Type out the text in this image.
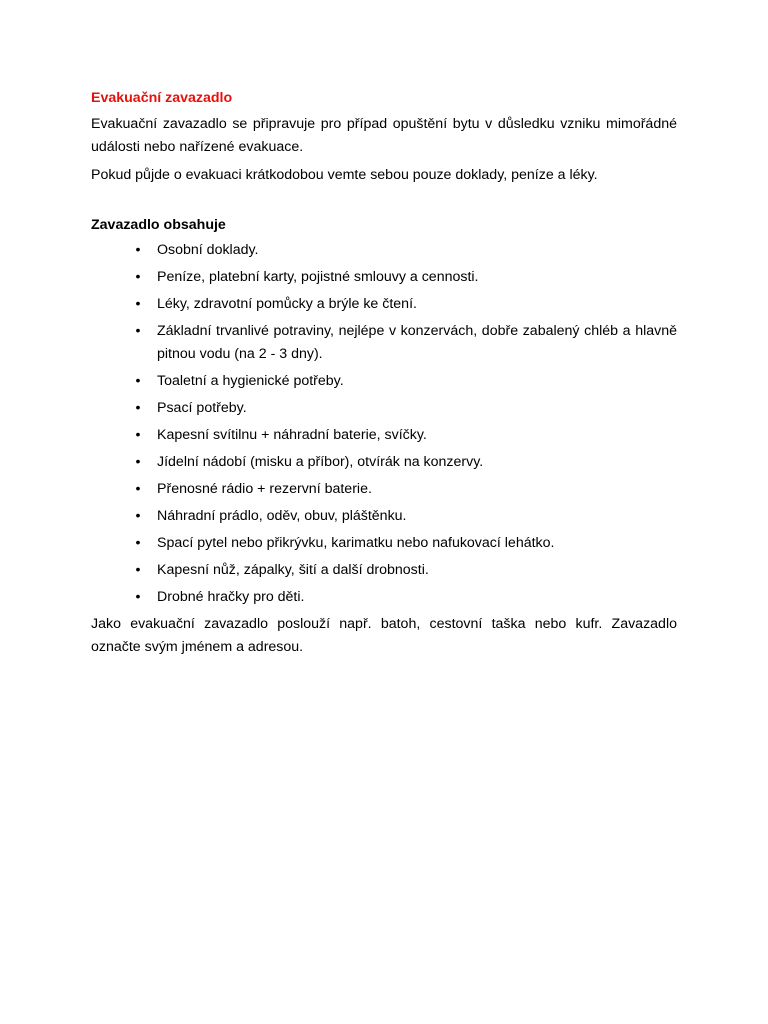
Evakuační zavazadlo

Evakuační zavazadlo se připravuje pro případ opuštění bytu v důsledku vzniku mimořádné události nebo nařízené evakuace.

Pokud půjde o evakuaci krátkodobou vemte sebou pouze doklady, peníze a léky.

Zavazadlo obsahuje

• Osobní doklady.
• Peníze, platební karty, pojistné smlouvy a cennosti.
• Léky, zdravotní pomůcky a brýle ke čtení.
• Základní trvanlivé potraviny, nejlépe v konzervách, dobře zabalený chléb a hlavně pitnou vodu (na 2 - 3 dny).
• Toaletní a hygienické potřeby.
• Psací potřeby.
• Kapesní svítilnu + náhradní baterie, svíčky.
• Jídelní nádobí (misku a příbor), otvírák na konzervy.
• Přenosné rádio + rezervní baterie.
• Náhradní prádlo, oděv, obuv, pláštěnku.
• Spací pytel nebo přikrývku, karimatku nebo nafukovací lehátko.
• Kapesní nůž, zápalky, šití a další drobnosti.
• Drobné hračky pro děti.

Jako evakuační zavazadlo poslouží např. batoh, cestovní taška nebo kufr. Zavazadlo označte svým jménem a adresou.
